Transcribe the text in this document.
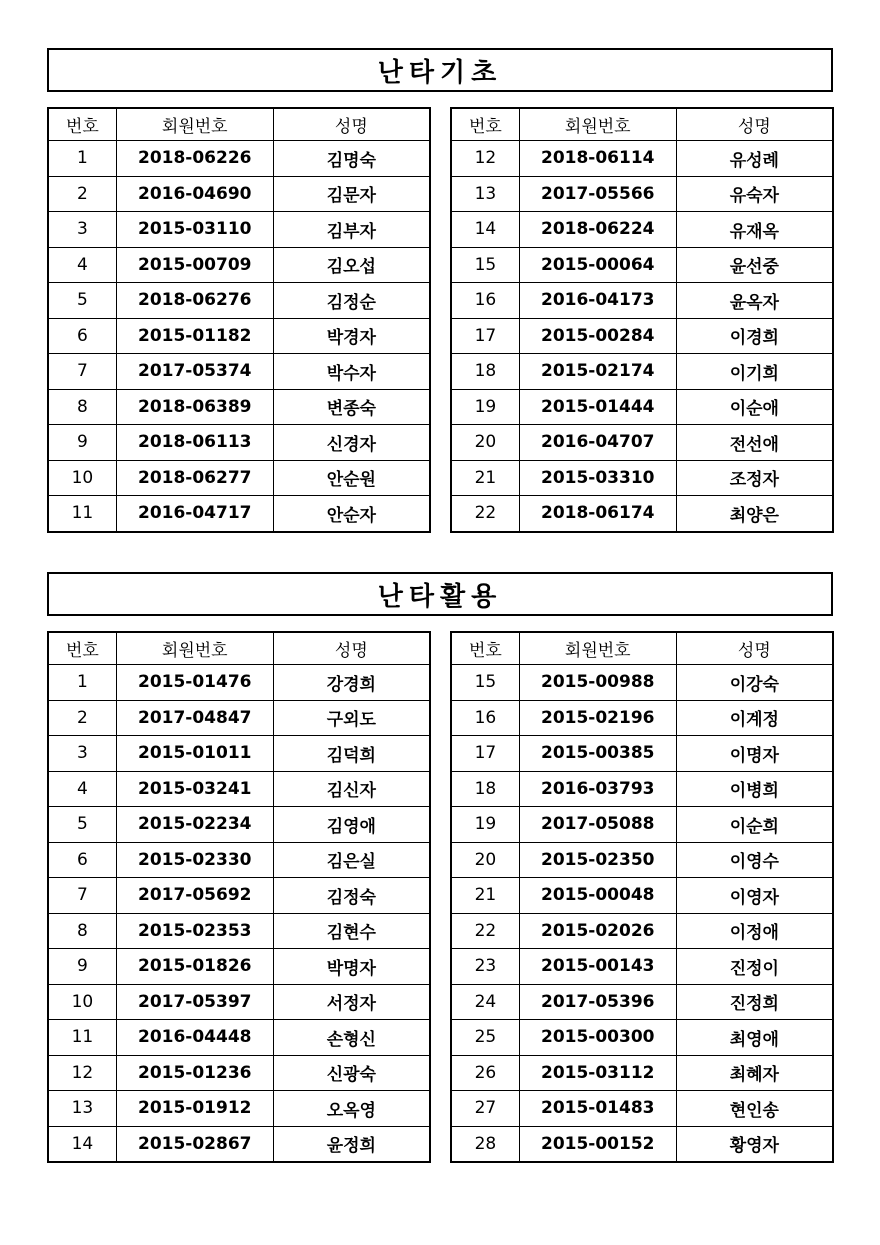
난타기초
번호	회원번호	성명
1	2018-06226	김명숙
2	2016-04690	김문자
3	2015-03110	김부자
4	2015-00709	김오섭
5	2018-06276	김정순
6	2015-01182	박경자
7	2017-05374	박수자
8	2018-06389	변종숙
9	2018-06113	신경자
10	2018-06277	안순원
11	2016-04717	안순자
번호	회원번호	성명
12	2018-06114	유성례
13	2017-05566	유숙자
14	2018-06224	유재옥
15	2015-00064	윤선중
16	2016-04173	윤옥자
17	2015-00284	이경희
18	2015-02174	이기희
19	2015-01444	이순애
20	2016-04707	전선애
21	2015-03310	조정자
22	2018-06174	최양은
난타활용
번호	회원번호	성명
1	2015-01476	강경희
2	2017-04847	구외도
3	2015-01011	김덕희
4	2015-03241	김신자
5	2015-02234	김영애
6	2015-02330	김은실
7	2017-05692	김정숙
8	2015-02353	김현수
9	2015-01826	박명자
10	2017-05397	서정자
11	2016-04448	손형신
12	2015-01236	신광숙
13	2015-01912	오옥영
14	2015-02867	윤정희
번호	회원번호	성명
15	2015-00988	이강숙
16	2015-02196	이계정
17	2015-00385	이명자
18	2016-03793	이병희
19	2017-05088	이순희
20	2015-02350	이영수
21	2015-00048	이영자
22	2015-02026	이정애
23	2015-00143	진정이
24	2017-05396	진정희
25	2015-00300	최영애
26	2015-03112	최혜자
27	2015-01483	현인송
28	2015-00152	황영자
